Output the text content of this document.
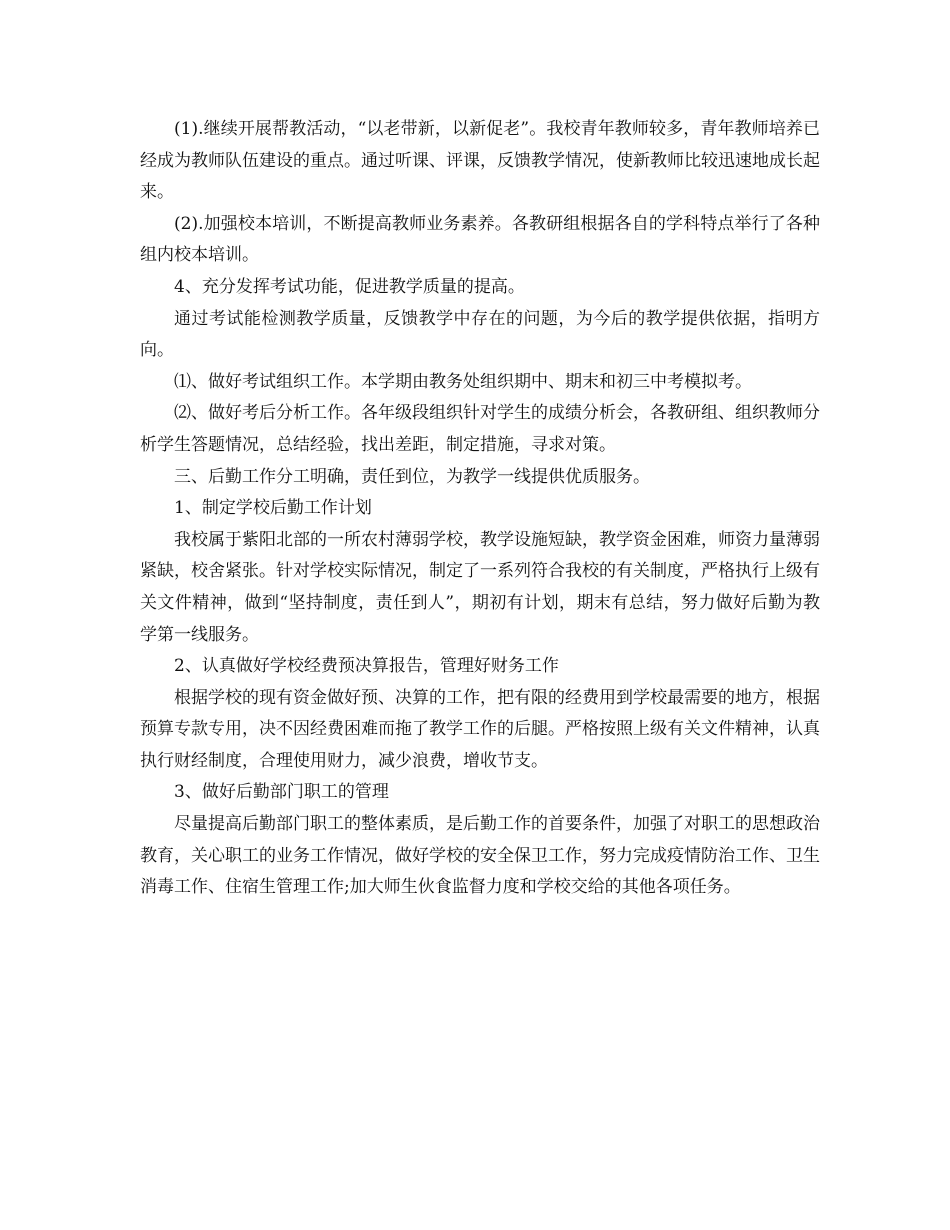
(1).继续开展帮教活动，“以老带新，以新促老”。我校青年教师较多，青年教师培养已经成为教师队伍建设的重点。通过听课、评课，反馈教学情况，使新教师比较迅速地成长起来。

(2).加强校本培训，不断提高教师业务素养。各教研组根据各自的学科特点举行了各种组内校本培训。

4、充分发挥考试功能，促进教学质量的提高。

通过考试能检测教学质量，反馈教学中存在的问题，为今后的教学提供依据，指明方向。

⑴、做好考试组织工作。本学期由教务处组织期中、期末和初三中考模拟考。

⑵、做好考后分析工作。各年级段组织针对学生的成绩分析会，各教研组、组织教师分析学生答题情况，总结经验，找出差距，制定措施，寻求对策。

三、后勤工作分工明确，责任到位，为教学一线提供优质服务。

1、制定学校后勤工作计划

我校属于紫阳北部的一所农村薄弱学校，教学设施短缺，教学资金困难，师资力量薄弱紧缺，校舍紧张。针对学校实际情况，制定了一系列符合我校的有关制度，严格执行上级有关文件精神，做到“坚持制度，责任到人”，期初有计划，期末有总结，努力做好后勤为教学第一线服务。

2、认真做好学校经费预决算报告，管理好财务工作

根据学校的现有资金做好预、决算的工作，把有限的经费用到学校最需要的地方，根据预算专款专用，决不因经费困难而拖了教学工作的后腿。严格按照上级有关文件精神，认真执行财经制度，合理使用财力，减少浪费，增收节支。

3、做好后勤部门职工的管理

尽量提高后勤部门职工的整体素质，是后勤工作的首要条件，加强了对职工的思想政治教育，关心职工的业务工作情况，做好学校的安全保卫工作，努力完成疫情防治工作、卫生消毒工作、住宿生管理工作;加大师生伙食监督力度和学校交给的其他各项任务。
